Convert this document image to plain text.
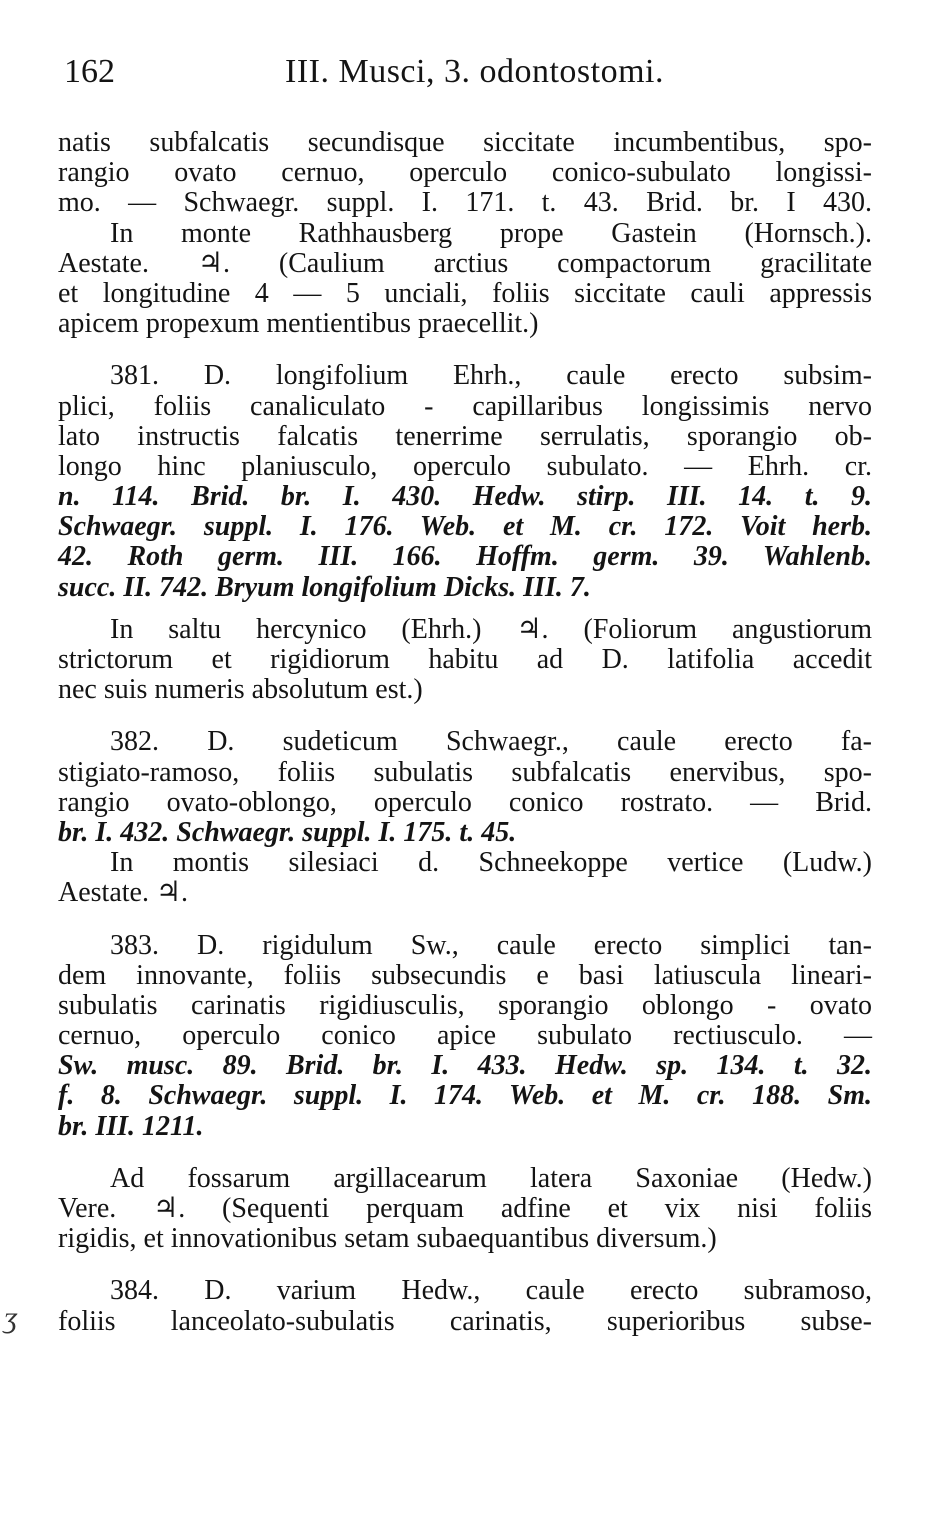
162	III. Musci, 3. odontostomi.
ʒ
natis subfalcatis secundisque siccitate incumbentibus, spo-
rangio ovato cernuo, operculo conico-subulato longissi-
mo. — Schwaegr. suppl. I. 171. t. 43. Brid. br. I 430.
In monte Rathhausberg prope Gastein (Hornsch.).
Aestate. ♃. (Caulium arctius compactorum gracilitate
et longitudine 4 — 5 unciali, foliis siccitate cauli appressis
apicem propexum mentientibus praecellit.)
381. D. longifolium Ehrh., caule erecto subsim-
plici, foliis canaliculato - capillaribus longissimis nervo
lato instructis falcatis tenerrime serrulatis, sporangio ob-
longo hinc planiusculo, operculo subulato. — Ehrh. cr.
n. 114. Brid. br. I. 430. Hedw. stirp. III. 14. t. 9.
Schwaegr. suppl. I. 176. Web. et M. cr. 172. Voit herb.
42. Roth germ. III. 166. Hoffm. germ. 39. Wahlenb.
succ. II. 742. Bryum longifolium Dicks. III. 7.
In saltu hercynico (Ehrh.) ♃. (Foliorum angustiorum
strictorum et rigidiorum habitu ad D. latifolia accedit
nec suis numeris absolutum est.)
382. D. sudeticum Schwaegr., caule erecto fa-
stigiato-ramoso, foliis subulatis subfalcatis enervibus, spo-
rangio ovato-oblongo, operculo conico rostrato. — Brid.
br. I. 432. Schwaegr. suppl. I. 175. t. 45.
In montis silesiaci d. Schneekoppe vertice (Ludw.)
Aestate. ♃.
383. D. rigidulum Sw., caule erecto simplici tan-
dem innovante, foliis subsecundis e basi latiuscula lineari-
subulatis carinatis rigidiusculis, sporangio oblongo - ovato
cernuo, operculo conico apice subulato rectiusculo. —
Sw. musc. 89. Brid. br. I. 433. Hedw. sp. 134. t. 32.
f. 8. Schwaegr. suppl. I. 174. Web. et M. cr. 188. Sm.
br. III. 1211.
Ad fossarum argillacearum latera Saxoniae (Hedw.)
Vere. ♃. (Sequenti perquam adfine et vix nisi foliis
rigidis, et innovationibus setam subaequantibus diversum.)
384. D. varium Hedw., caule erecto subramoso,
foliis lanceolato-subulatis carinatis, superioribus subse-
